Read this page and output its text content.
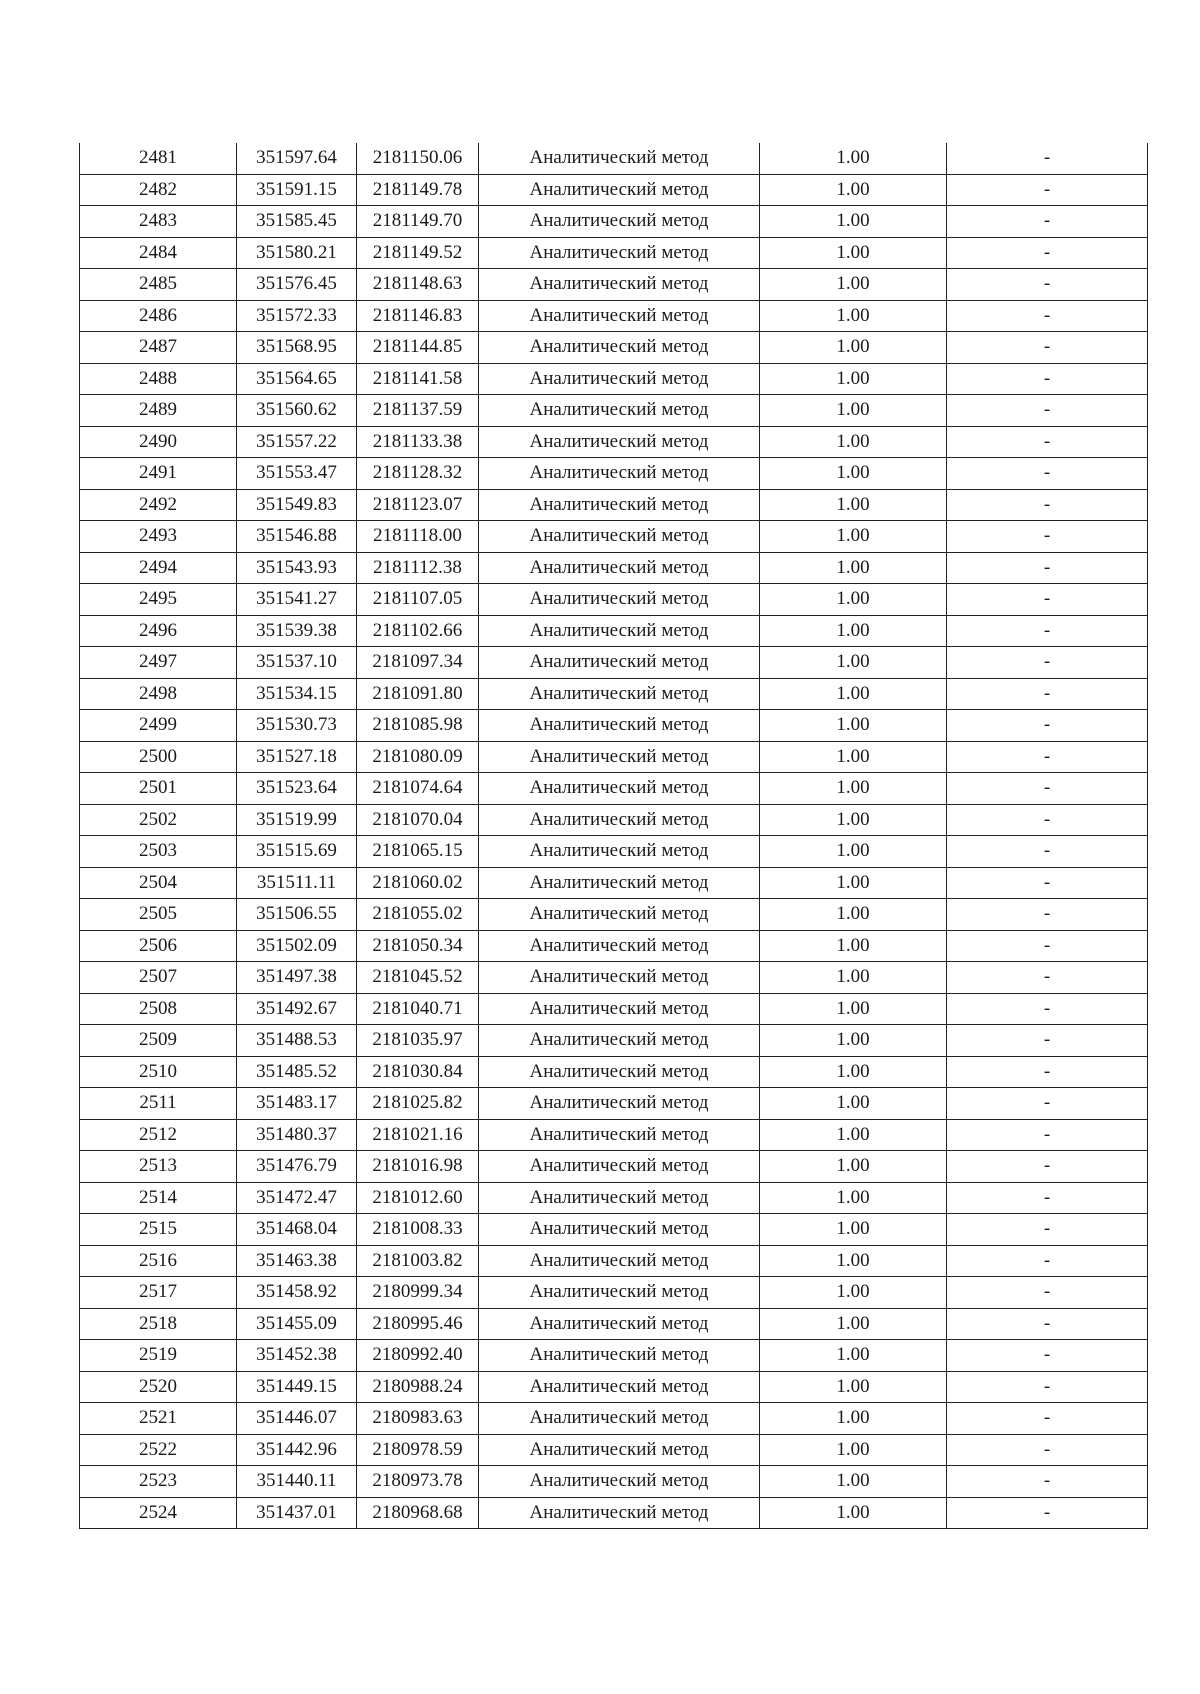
2481	351597.64	2181150.06	Аналитический метод	1.00	-
2482	351591.15	2181149.78	Аналитический метод	1.00	-
2483	351585.45	2181149.70	Аналитический метод	1.00	-
2484	351580.21	2181149.52	Аналитический метод	1.00	-
2485	351576.45	2181148.63	Аналитический метод	1.00	-
2486	351572.33	2181146.83	Аналитический метод	1.00	-
2487	351568.95	2181144.85	Аналитический метод	1.00	-
2488	351564.65	2181141.58	Аналитический метод	1.00	-
2489	351560.62	2181137.59	Аналитический метод	1.00	-
2490	351557.22	2181133.38	Аналитический метод	1.00	-
2491	351553.47	2181128.32	Аналитический метод	1.00	-
2492	351549.83	2181123.07	Аналитический метод	1.00	-
2493	351546.88	2181118.00	Аналитический метод	1.00	-
2494	351543.93	2181112.38	Аналитический метод	1.00	-
2495	351541.27	2181107.05	Аналитический метод	1.00	-
2496	351539.38	2181102.66	Аналитический метод	1.00	-
2497	351537.10	2181097.34	Аналитический метод	1.00	-
2498	351534.15	2181091.80	Аналитический метод	1.00	-
2499	351530.73	2181085.98	Аналитический метод	1.00	-
2500	351527.18	2181080.09	Аналитический метод	1.00	-
2501	351523.64	2181074.64	Аналитический метод	1.00	-
2502	351519.99	2181070.04	Аналитический метод	1.00	-
2503	351515.69	2181065.15	Аналитический метод	1.00	-
2504	351511.11	2181060.02	Аналитический метод	1.00	-
2505	351506.55	2181055.02	Аналитический метод	1.00	-
2506	351502.09	2181050.34	Аналитический метод	1.00	-
2507	351497.38	2181045.52	Аналитический метод	1.00	-
2508	351492.67	2181040.71	Аналитический метод	1.00	-
2509	351488.53	2181035.97	Аналитический метод	1.00	-
2510	351485.52	2181030.84	Аналитический метод	1.00	-
2511	351483.17	2181025.82	Аналитический метод	1.00	-
2512	351480.37	2181021.16	Аналитический метод	1.00	-
2513	351476.79	2181016.98	Аналитический метод	1.00	-
2514	351472.47	2181012.60	Аналитический метод	1.00	-
2515	351468.04	2181008.33	Аналитический метод	1.00	-
2516	351463.38	2181003.82	Аналитический метод	1.00	-
2517	351458.92	2180999.34	Аналитический метод	1.00	-
2518	351455.09	2180995.46	Аналитический метод	1.00	-
2519	351452.38	2180992.40	Аналитический метод	1.00	-
2520	351449.15	2180988.24	Аналитический метод	1.00	-
2521	351446.07	2180983.63	Аналитический метод	1.00	-
2522	351442.96	2180978.59	Аналитический метод	1.00	-
2523	351440.11	2180973.78	Аналитический метод	1.00	-
2524	351437.01	2180968.68	Аналитический метод	1.00	-
